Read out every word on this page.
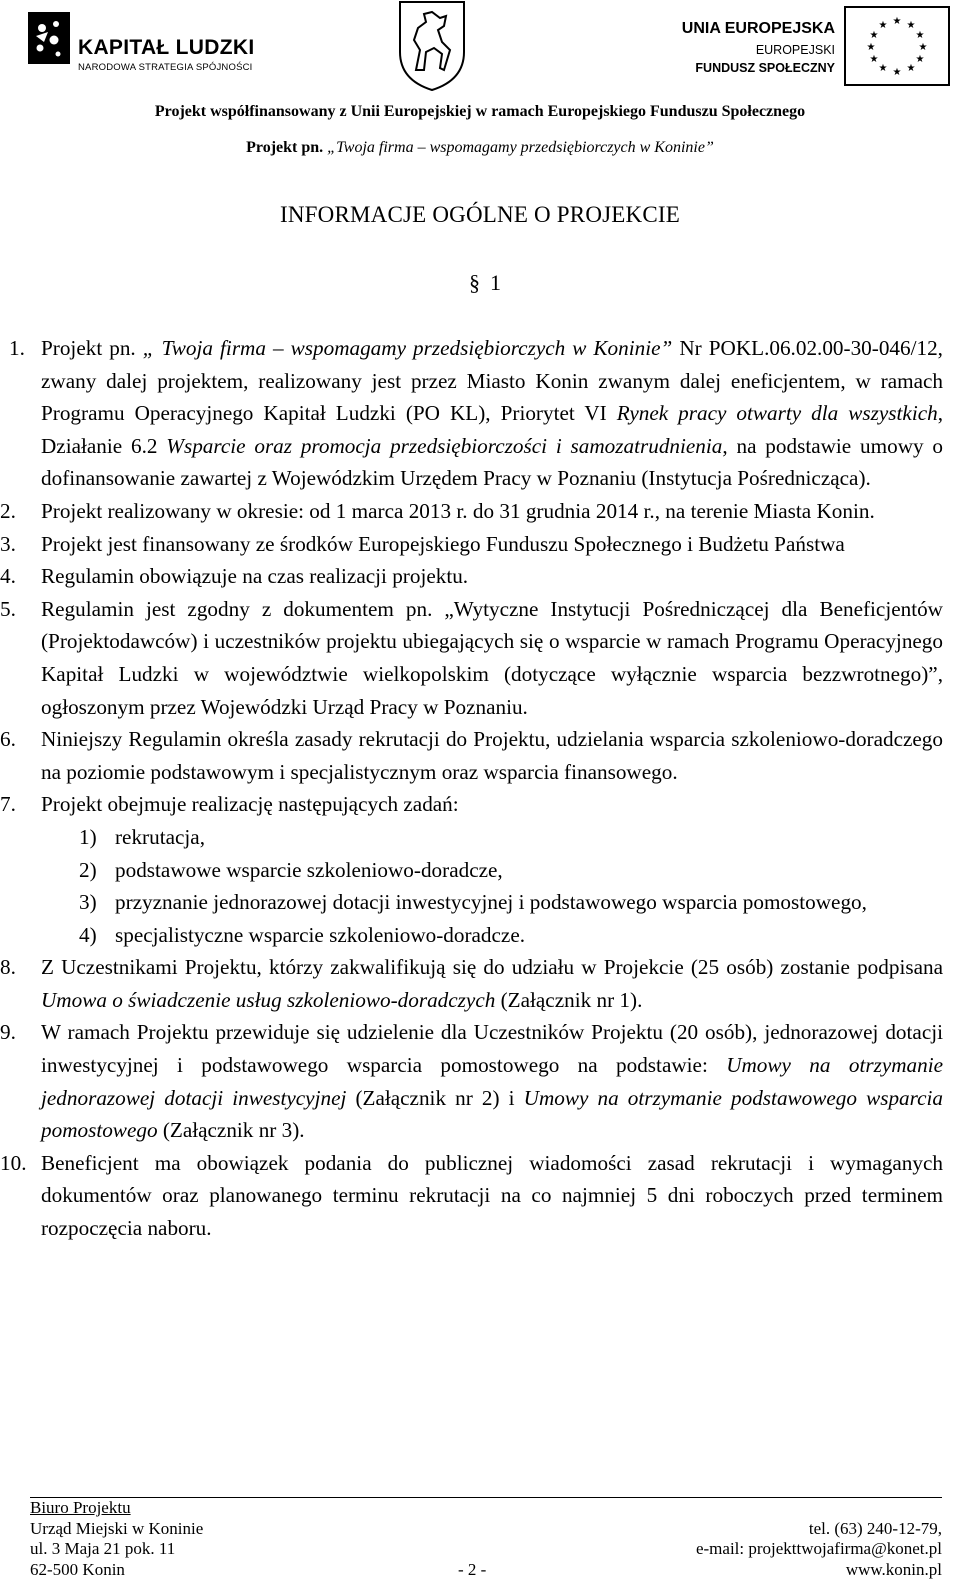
KAPITAŁ LUDZKI
NARODOWA STRATEGIA SPÓJNOŚCI
UNIA EUROPEJSKA
EUROPEJSKI
FUNDUSZ SPOŁECZNY
★ ★
★
★
★
★
★
★
★
★
★
★
Projekt współfinansowany z Unii Europejskiej w ramach Europejskiego Funduszu Społecznego
Projekt pn. „Twoja firma – wspomagamy przedsiębiorczych w Koninie”
INFORMACJE OGÓLNE O PROJEKCIE
§ 1
1. Projekt pn. „ Twoja firma – wspomagamy przedsiębiorczych w Koninie” Nr POKL.06.02.00-30-046/12, zwany dalej projektem, realizowany jest przez Miasto Konin zwanym dalej eneficjentem, w ramach Programu Operacyjnego Kapitał Ludzki (PO KL), Priorytet VI Rynek pracy otwarty dla wszystkich, Działanie 6.2 Wsparcie oraz promocja przedsiębiorczości i samozatrudnienia, na podstawie umowy o dofinansowanie zawartej z Wojewódzkim Urzędem Pracy w Poznaniu (Instytucja Pośrednicząca).
2.	Projekt realizowany w okresie: od 1 marca 2013 r. do 31 grudnia 2014 r., na terenie Miasta Konin.
3.	Projekt jest finansowany ze środków Europejskiego Funduszu Społecznego i Budżetu Państwa
4.	Regulamin obowiązuje na czas realizacji projektu.
5.	Regulamin jest zgodny z dokumentem pn. „Wytyczne Instytucji Pośredniczącej dla Beneficjentów (Projektodawców) i uczestników projektu ubiegających się o wsparcie w ramach Programu Operacyjnego Kapitał Ludzki w województwie wielkopolskim (dotyczące wyłącznie wsparcia bezzwrotnego)”, ogłoszonym przez Wojewódzki Urząd Pracy w Poznaniu.
6.	Niniejszy Regulamin określa zasady rekrutacji do Projektu, udzielania wsparcia szkoleniowo-doradczego na poziomie podstawowym i specjalistycznym oraz wsparcia finansowego.
7.	Projekt obejmuje realizację następujących zadań:
1) rekrutacja,
2) podstawowe wsparcie szkoleniowo-doradcze,
3) przyznanie jednorazowej dotacji inwestycyjnej i podstawowego wsparcia pomostowego,
4) specjalistyczne wsparcie szkoleniowo-doradcze.
8.	Z Uczestnikami Projektu, którzy zakwalifikują się do udziału w Projekcie (25 osób) zostanie podpisana Umowa o świadczenie usług szkoleniowo-doradczych (Załącznik nr 1).
9.	W ramach Projektu przewiduje się udzielenie dla Uczestników Projektu (20 osób), jednorazowej dotacji inwestycyjnej i podstawowego wsparcia pomostowego na podstawie: Umowy na otrzymanie jednorazowej dotacji inwestycyjnej (Załącznik nr 2) i Umowy na otrzymanie podstawowego wsparcia pomostowego (Załącznik nr 3).
10. Beneficjent ma obowiązek podania do publicznej wiadomości zasad rekrutacji i wymaganych dokumentów oraz planowanego terminu rekrutacji na co najmniej 5 dni roboczych przed terminem rozpoczęcia naboru.
Biuro Projektu
Urząd Miejski w Koninie	tel. (63) 240-12-79,
ul. 3 Maja 21 pok. 11	e-mail: projekttwojafirma@konet.pl
62-500 Konin	- 2 -	www.konin.pl
